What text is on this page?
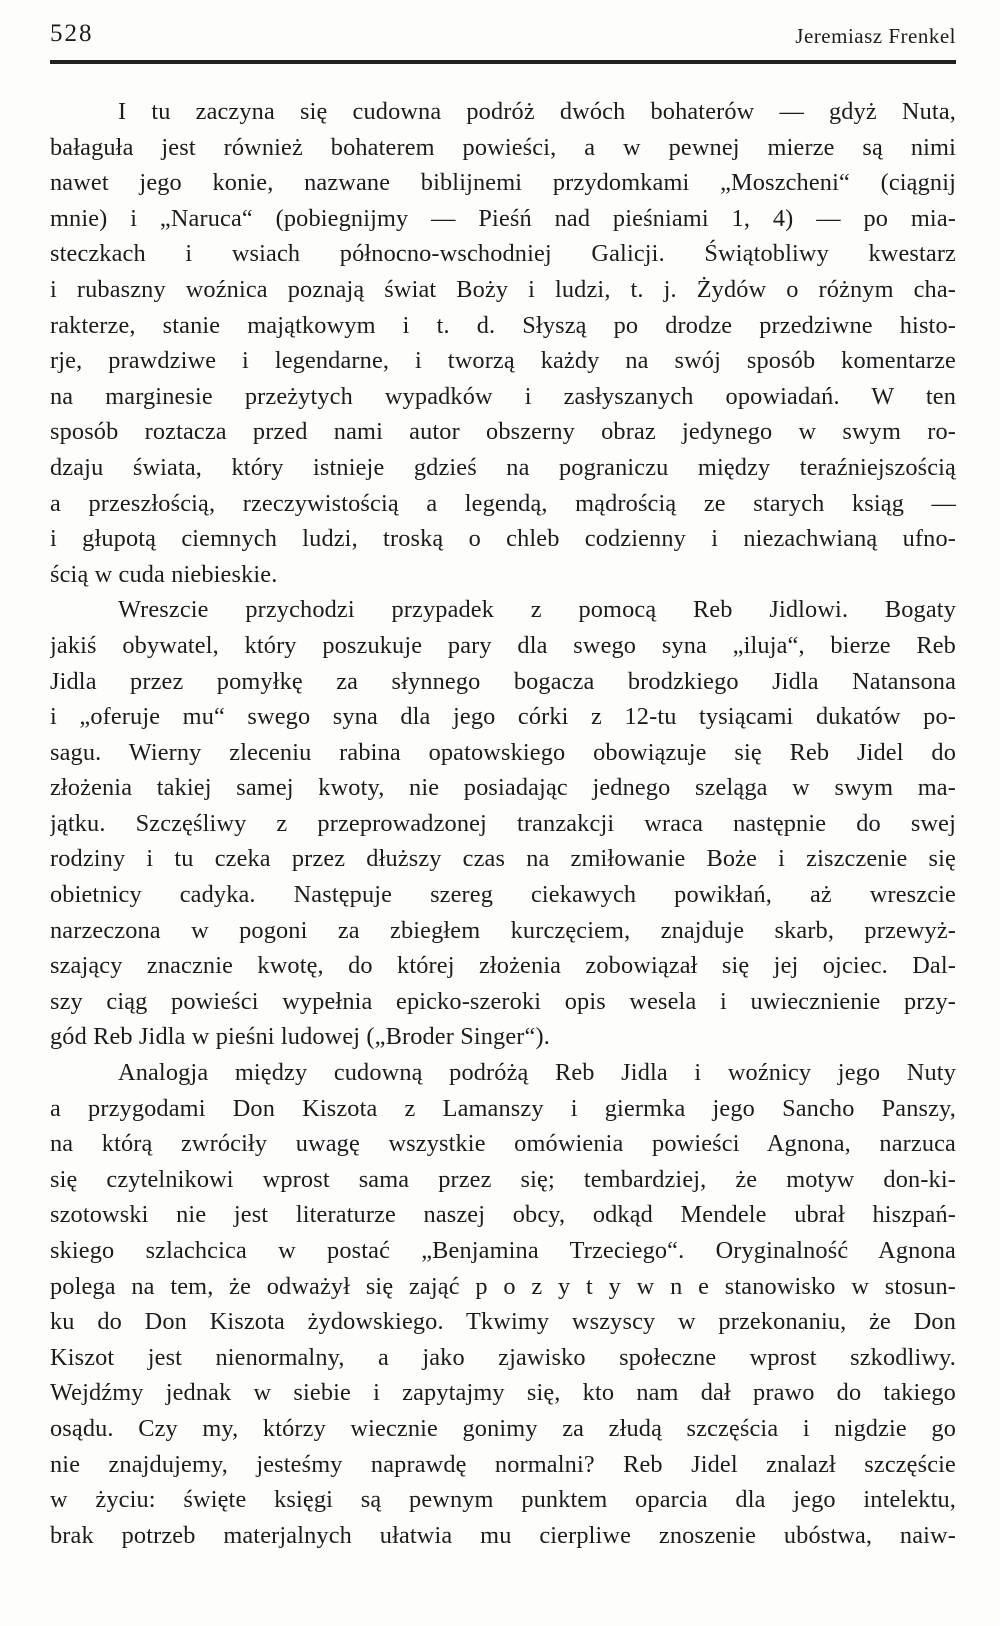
528	Jeremiasz Frenkel

I tu zaczyna się cudowna podróż dwóch bohaterów — gdyż Nuta,
bałaguła jest również bohaterem powieści, a w pewnej mierze są nimi
nawet jego konie, nazwane biblijnemi przydomkami „Moszcheni“ (ciągnij
mnie) i „Naruca“ (pobiegnijmy — Pieśń nad pieśniami 1, 4) — po mia-
steczkach i wsiach północno-wschodniej Galicji. Świątobliwy kwestarz
i rubaszny woźnica poznają świat Boży i ludzi, t. j. Żydów o różnym cha-
rakterze, stanie majątkowym i t. d. Słyszą po drodze przedziwne histo-
rje, prawdziwe i legendarne, i tworzą każdy na swój sposób komentarze
na marginesie przeżytych wypadków i zasłyszanych opowiadań. W ten
sposób roztacza przed nami autor obszerny obraz jedynego w swym ro-
dzaju świata, który istnieje gdzieś na pograniczu między teraźniejszością
a przeszłością, rzeczywistością a legendą, mądrością ze starych ksiąg —
i głupotą ciemnych ludzi, troską o chleb codzienny i niezachwianą ufno-
ścią w cuda niebieskie.

Wreszcie przychodzi przypadek z pomocą Reb Jidlowi. Bogaty
jakiś obywatel, który poszukuje pary dla swego syna „iluja“, bierze Reb
Jidla przez pomyłkę za słynnego bogacza brodzkiego Jidla Natansona
i „oferuje mu“ swego syna dla jego córki z 12-tu tysiącami dukatów po-
sagu. Wierny zleceniu rabina opatowskiego obowiązuje się Reb Jidel do
złożenia takiej samej kwoty, nie posiadając jednego szeląga w swym ma-
jątku. Szczęśliwy z przeprowadzonej tranzakcji wraca następnie do swej
rodziny i tu czeka przez dłuższy czas na zmiłowanie Boże i ziszczenie się
obietnicy cadyka. Następuje szereg ciekawych powikłań, aż wreszcie
narzeczona w pogoni za zbiegłem kurczęciem, znajduje skarb, przewyż-
szający znacznie kwotę, do której złożenia zobowiązał się jej ojciec. Dal-
szy ciąg powieści wypełnia epicko-szeroki opis wesela i uwiecznienie przy-
gód Reb Jidla w pieśni ludowej („Broder Singer“).

Analogja między cudowną podróżą Reb Jidla i woźnicy jego Nuty
a przygodami Don Kiszota z Lamanszy i giermka jego Sancho Panszy,
na którą zwróciły uwagę wszystkie omówienia powieści Agnona, narzuca
się czytelnikowi wprost sama przez się; tembardziej, że motyw don-ki-
szotowski nie jest literaturze naszej obcy, odkąd Mendele ubrał hiszpań-
skiego szlachcica w postać „Benjamina Trzeciego“. Oryginalność Agnona
polega na tem, że odważył się zająć p o z y t y w n e stanowisko w stosun-
ku do Don Kiszota żydowskiego. Tkwimy wszyscy w przekonaniu, że Don
Kiszot jest nienormalny, a jako zjawisko społeczne wprost szkodliwy.
Wejdźmy jednak w siebie i zapytajmy się, kto nam dał prawo do takiego
osądu. Czy my, którzy wiecznie gonimy za złudą szczęścia i nigdzie go
nie znajdujemy, jesteśmy naprawdę normalni? Reb Jidel znalazł szczęście
w życiu: święte księgi są pewnym punktem oparcia dla jego intelektu,
brak potrzeb materjalnych ułatwia mu cierpliwe znoszenie ubóstwa, naiw-
